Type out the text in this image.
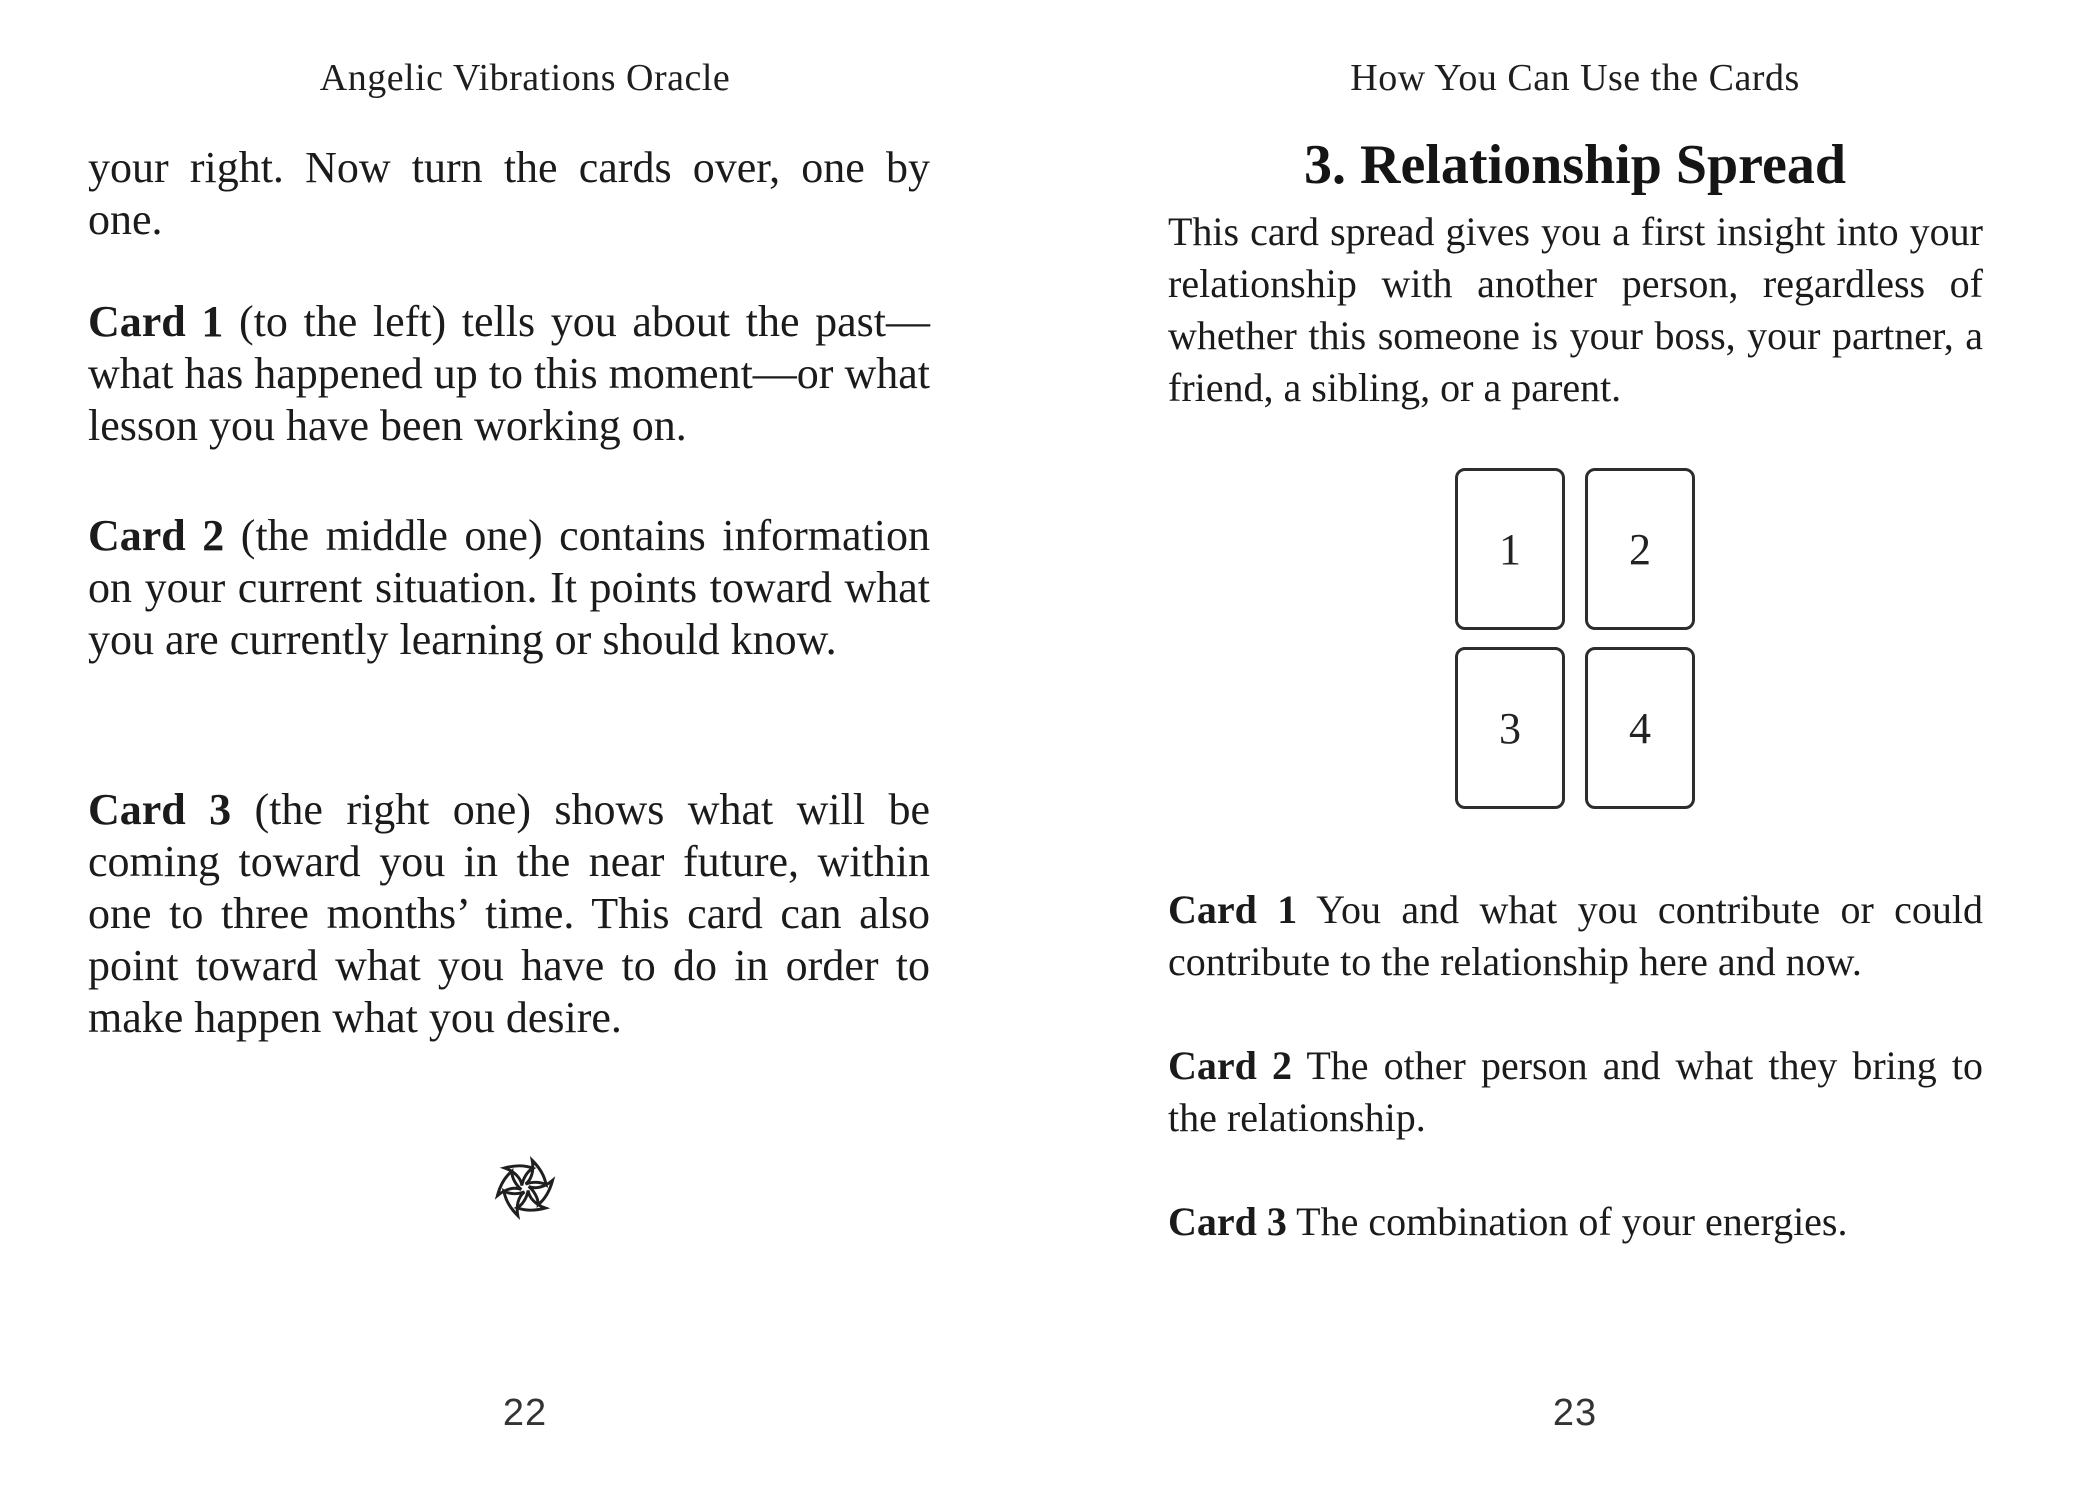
Angelic Vibrations Oracle

your right. Now turn the cards over, one by one.

Card 1 (to the left) tells you about the past—what has happened up to this moment—or what lesson you have been working on.

Card 2 (the middle one) contains information on your current situation. It points toward what you are currently learning or should know.

Card 3 (the right one) shows what will be coming toward you in the near future, within one to three months’ time. This card can also point toward what you have to do in order to make happen what you desire.

22
How You Can Use the Cards
3. Relationship Spread

This card spread gives you a first insight into your relationship with another person, regardless of whether this someone is your boss, your partner, a friend, a sibling, or a parent.

1 2
3 4

Card 1 You and what you contribute or could contribute to the relationship here and now.

Card 2 The other person and what they bring to the relationship.

Card 3 The combination of your energies.

23
